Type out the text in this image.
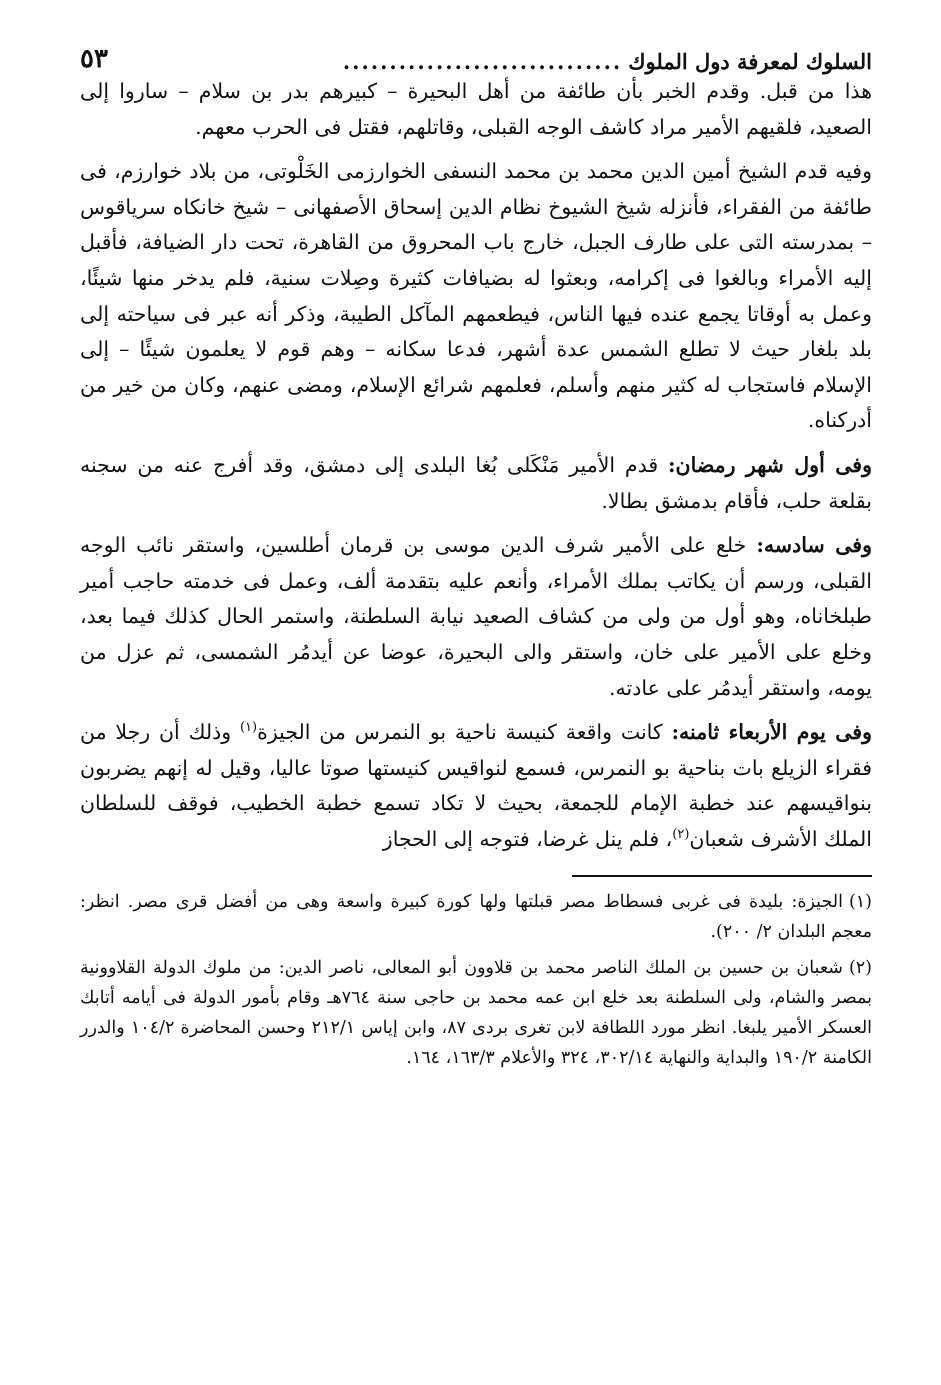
السلوك لمعرفة دول الملوك
..............................
٥٣

هذا من قبل. وقدم الخبر بأن طائفة من أهل البحيرة – كبيرهم بدر بن سلام – ساروا إلى الصعيد، فلقيهم الأمير مراد كاشف الوجه القبلى، وقاتلهم، فقتل فى الحرب معهم.

وفيه قدم الشيخ أمين الدين محمد بن محمد النسفى الخوارزمى الخَلْوتى، من بلاد خوارزم، فى طائفة من الفقراء، فأنزله شيخ الشيوخ نظام الدين إسحاق الأصفهانى – شيخ خانكاه سرياقوس – بمدرسته التى على طارف الجبل، خارج باب المحروق من القاهرة، تحت دار الضيافة، فأقبل إليه الأمراء وبالغوا فى إكرامه، وبعثوا له بضيافات كثيرة وصِلات سنية، فلم يدخر منها شيئًا، وعمل به أوقاتا يجمع عنده فيها الناس، فيطعمهم المآكل الطيبة، وذكر أنه عبر فى سياحته إلى بلد بلغار حيث لا تطلع الشمس عدة أشهر، فدعا سكانه – وهم قوم لا يعلمون شيئًا – إلى الإسلام فاستجاب له كثير منهم وأسلم، فعلمهم شرائع الإسلام، ومضى عنهم، وكان من خير من أدركناه.

وفى أول شهر رمضان: قدم الأمير مَنْكَلى بُغا البلدى إلى دمشق، وقد أفرج عنه من سجنه بقلعة حلب، فأقام بدمشق بطالا.

وفى سادسه: خلع على الأمير شرف الدين موسى بن قرمان أطلسين، واستقر نائب الوجه القبلى، ورسم أن يكاتب بملك الأمراء، وأنعم عليه بتقدمة ألف، وعمل فى خدمته حاجب أمير طبلخاناه، وهو أول من ولى من كشاف الصعيد نيابة السلطنة، واستمر الحال كذلك فيما بعد، وخلع على الأمير على خان، واستقر والى البحيرة، عوضا عن أيدمُر الشمسى، ثم عزل من يومه، واستقر أيدمُر على عادته.

وفى يوم الأربعاء ثامنه: كانت واقعة كنيسة ناحية بو النمرس من الجيزة$^{(١)}$ وذلك أن رجلا من فقراء الزيلع بات بناحية بو النمرس، فسمع لنواقيس كنيستها صوتا عاليا، وقيل له إنهم يضربون بنواقيسهم عند خطبة الإمام للجمعة، بحيث لا تكاد تسمع خطبة الخطيب، فوقف للسلطان الملك الأشرف شعبان$^{(٢)}$، فلم ينل غرضا، فتوجه إلى الحجاز

(١)الجيزة: بليدة فى غربى فسطاط مصر قبلتها ولها كورة كبيرة واسعة وهى من أفضل قرى مصر. انظر: معجم البلدان ٢/ ٢٠٠).

(٢)شعبان بن حسين بن الملك الناصر محمد بن قلاوون أبو المعالى، ناصر الدين: من ملوك الدولة القلاوونية بمصر والشام، ولى السلطنة بعد خلع ابن عمه محمد بن حاجى سنة ٧٦٤هـ وقام بأمور الدولة فى أيامه أتابك العسكر الأمير يلبغا. انظر مورد اللطافة لابن تغرى بردى ٨٧، وابن إياس ٢١٢/١ وحسن المحاضرة ١٠٤/٢ والدرر الكامنة ١٩٠/٢ والبداية والنهاية ٣٠٢/١٤، ٣٢٤ والأعلام ١٦٣/٣، ١٦٤.
